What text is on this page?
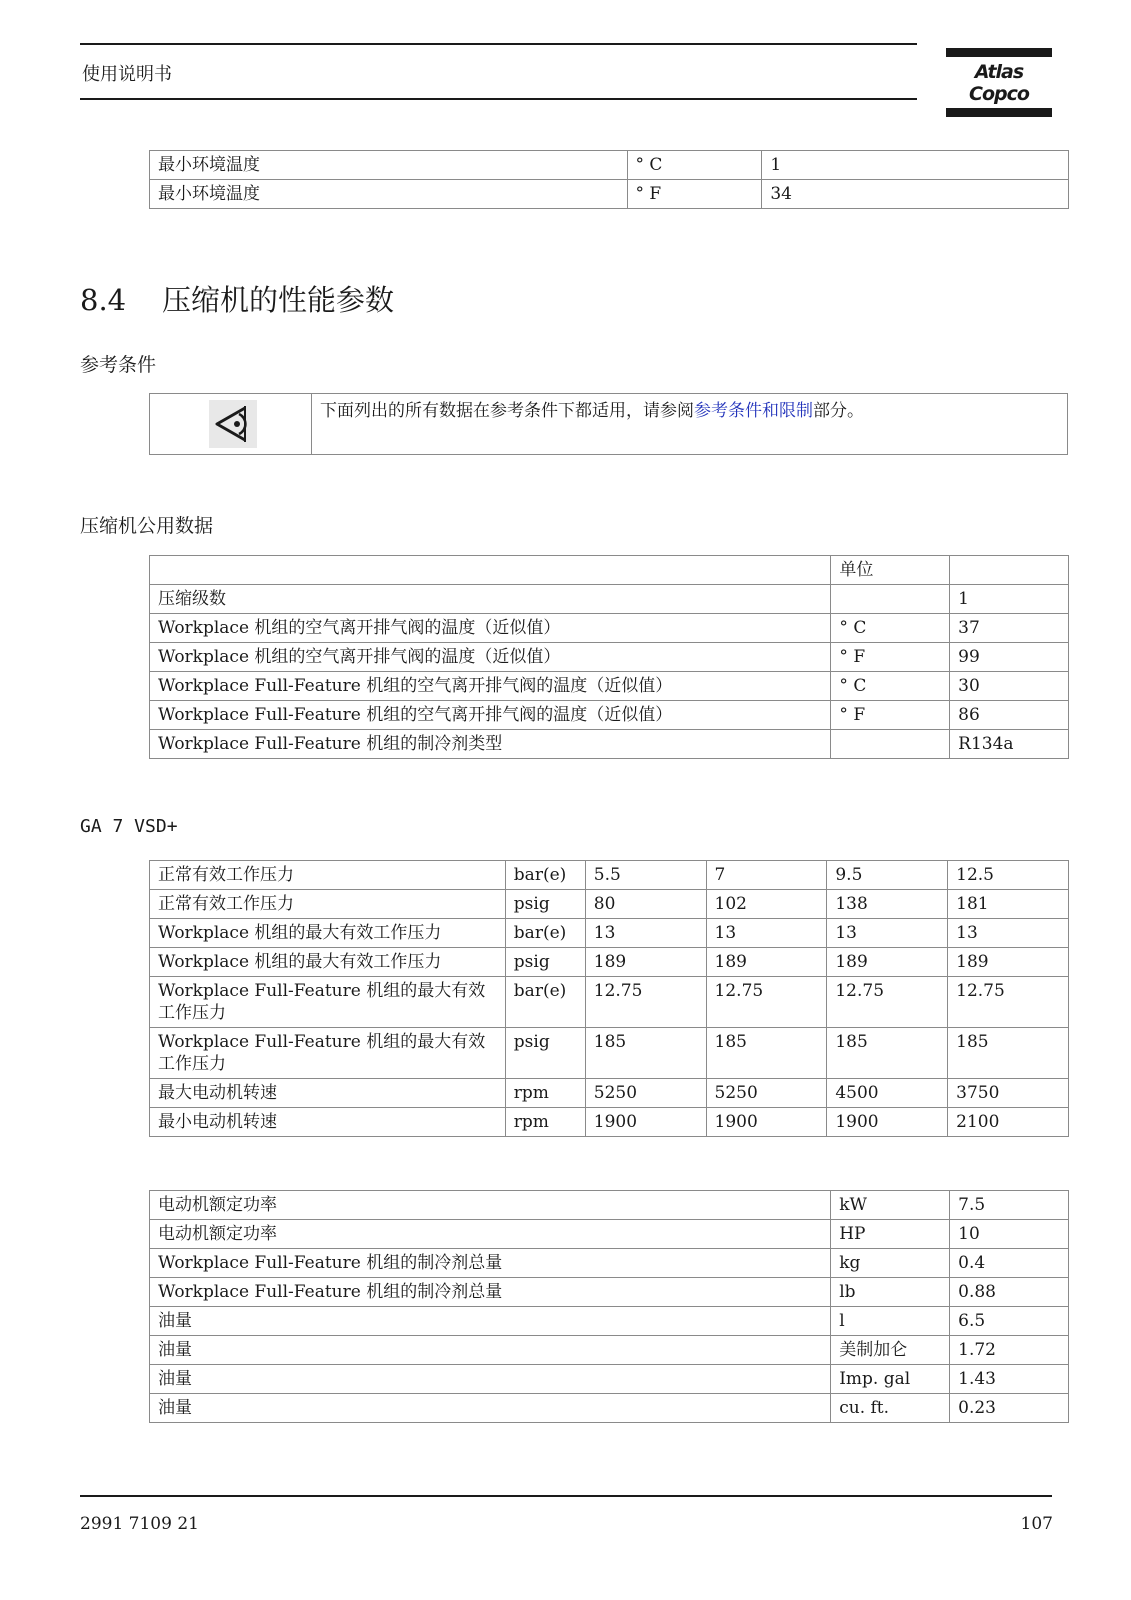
使用说明书	Atlas Copco
最小环境温度	° C	1
最小环境温度	° F	34
8.4 压缩机的性能参数
参考条件
下面列出的所有数据在参考条件下都适用，请参阅参考条件和限制部分。
压缩机公用数据
	单位	
压缩级数		1
Workplace 机组的空气离开排气阀的温度（近似值）	° C	37
Workplace 机组的空气离开排气阀的温度（近似值）	° F	99
Workplace Full-Feature 机组的空气离开排气阀的温度（近似值）	° C	30
Workplace Full-Feature 机组的空气离开排气阀的温度（近似值）	° F	86
Workplace Full-Feature 机组的制冷剂类型		R134a
GA 7 VSD+
正常有效工作压力	bar(e)	5.5	7	9.5	12.5
正常有效工作压力	psig	80	102	138	181
Workplace 机组的最大有效工作压力	bar(e)	13	13	13	13
Workplace 机组的最大有效工作压力	psig	189	189	189	189
Workplace Full-Feature 机组的最大有效工作压力	bar(e)	12.75	12.75	12.75	12.75
Workplace Full-Feature 机组的最大有效工作压力	psig	185	185	185	185
最大电动机转速	rpm	5250	5250	4500	3750
最小电动机转速	rpm	1900	1900	1900	2100
电动机额定功率	kW	7.5
电动机额定功率	HP	10
Workplace Full-Feature 机组的制冷剂总量	kg	0.4
Workplace Full-Feature 机组的制冷剂总量	lb	0.88
油量	l	6.5
油量	美制加仑	1.72
油量	Imp. gal	1.43
油量	cu. ft.	0.23
2991 7109 21	107
